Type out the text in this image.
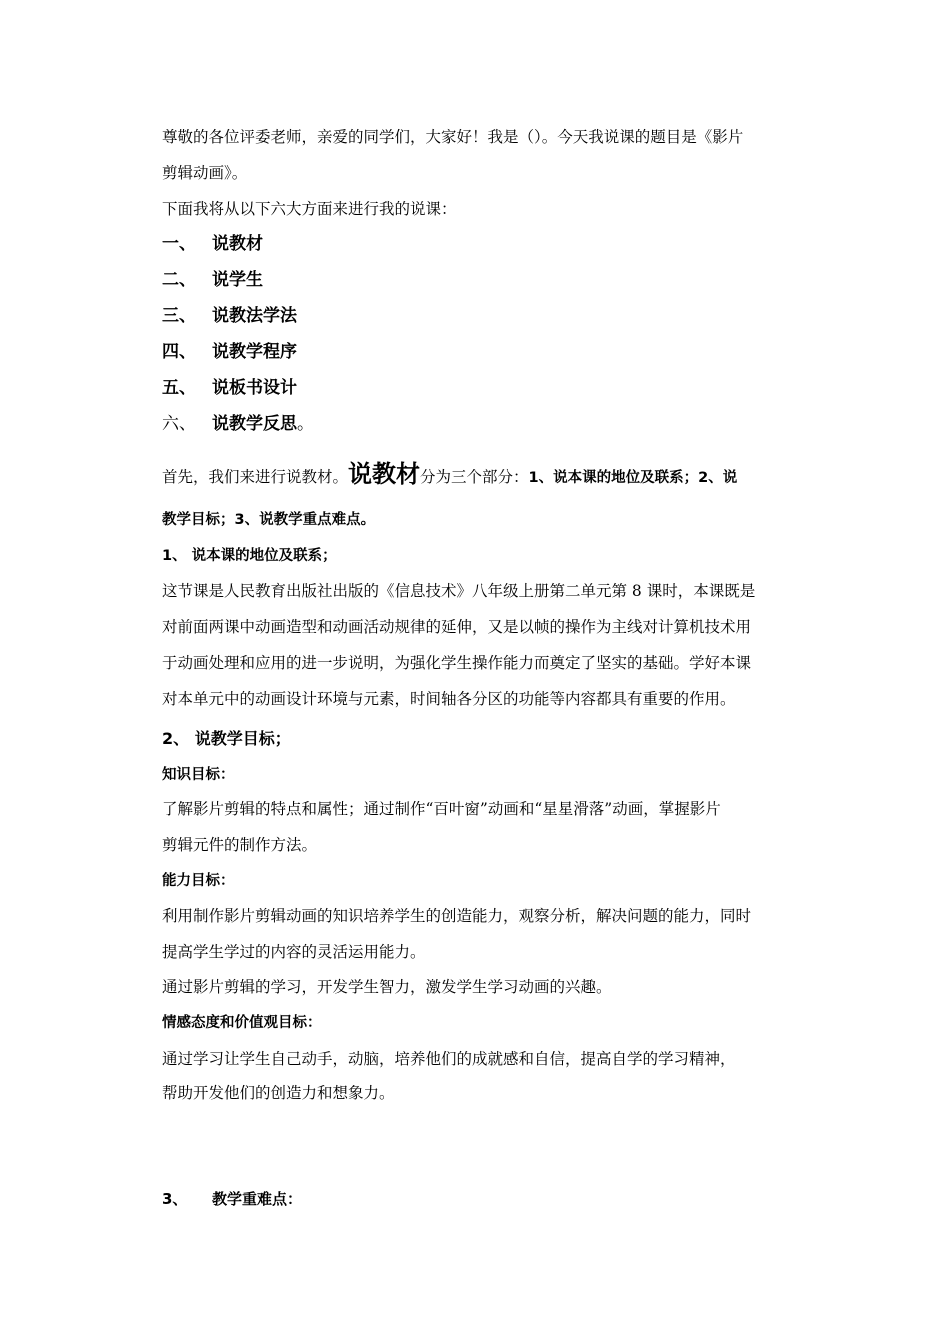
尊敬的各位评委老师，亲爱的同学们，大家好！我是（）。今天我说课的题目是《影片
剪辑动画》。
下面我将从以下六大方面来进行我的说课：
一、 说教材
二、 说学生
三、 说教法学法
四、 说教学程序
五、 说板书设计
六、 说教学反思。
首先，我们来进行说教材。说教材分为三个部分：1、说本课的地位及联系；2、说
教学目标；3、说教学重点难点。
1、 说本课的地位及联系；
这节课是人民教育出版社出版的《信息技术》八年级上册第二单元第 8 课时，本课既是
对前面两课中动画造型和动画活动规律的延伸，又是以帧的操作为主线对计算机技术用
于动画处理和应用的进一步说明，为强化学生操作能力而奠定了坚实的基础。学好本课
对本单元中的动画设计环境与元素，时间轴各分区的功能等内容都具有重要的作用。
2、 说教学目标；
知识目标：
了解影片剪辑的特点和属性；通过制作“百叶窗”动画和“星星滑落”动画，掌握影片
剪辑元件的制作方法。
能力目标：
利用制作影片剪辑动画的知识培养学生的创造能力，观察分析，解决问题的能力，同时
提高学生学过的内容的灵活运用能力。
通过影片剪辑的学习，开发学生智力，激发学生学习动画的兴趣。
情感态度和价值观目标：
通过学习让学生自己动手，动脑，培养他们的成就感和自信，提高自学的学习精神，
帮助开发他们的创造力和想象力。
3、 教学重难点：
